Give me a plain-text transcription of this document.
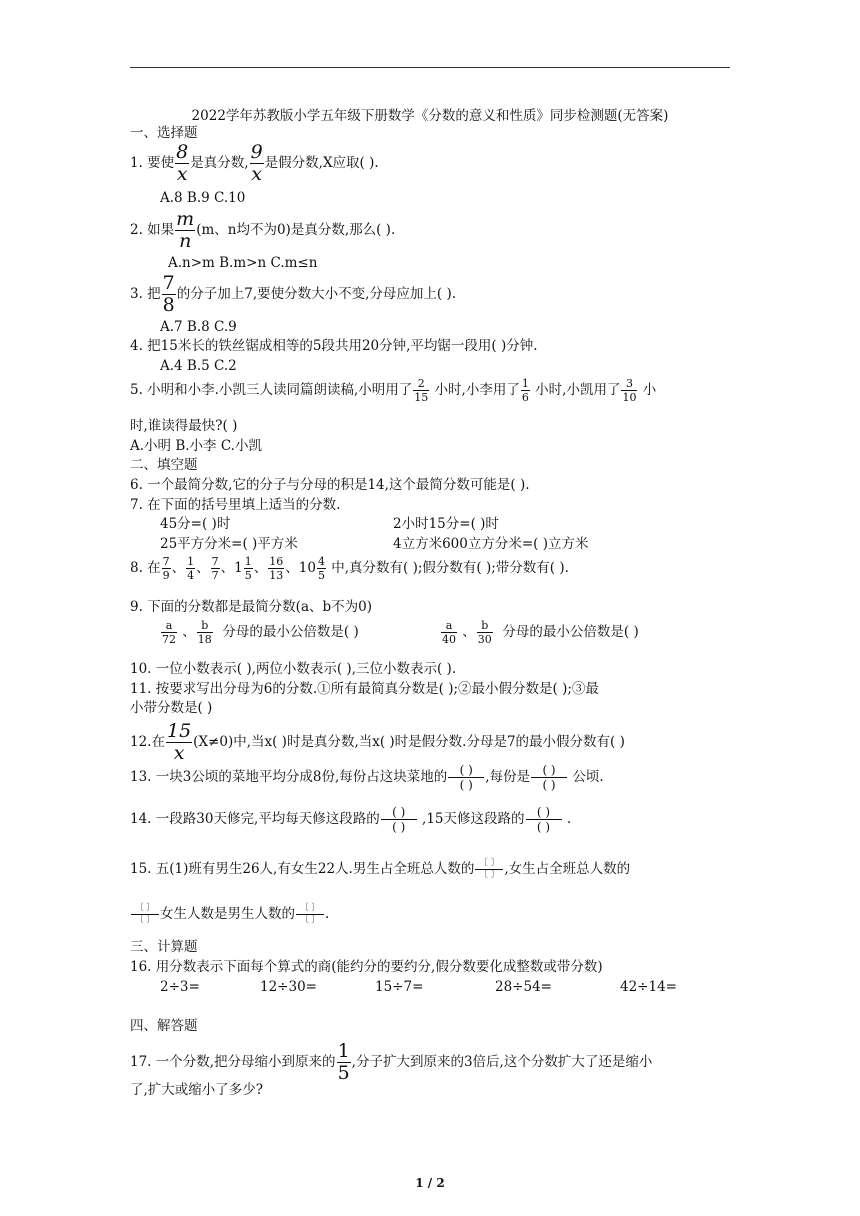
2022学年苏教版小学五年级下册数学《分数的意义和性质》同步检测题(无答案)
一、选择题
1. 要使 $\frac{8}{x}$ 是真分数, $\frac{9}{x}$ 是假分数,X应取( ).
A.8 B.9 C.10
2. 如果 $\frac{m}{n} (m$、n均不为0)是真分数,那么( ).
A.n>m B.m>n C.m≤n
3. 把 $\frac{7}{8}$ 的分子加上7,要使分数大小不变,分母应加上( ).
A.7 B.8 C.9
4. 把15米长的铁丝锯成相等的5段共用20分钟,平均锯一段用( )分钟.
A.4 B.5 C.2
5. 小明和小李.小凯三人读同篇朗读稿,小明用了 $\frac{2}{15}$ 小时,小李用了 $\frac{1}{6}$ 小时,小凯用了 $\frac{3}{10}$ 小
时,谁读得最快?( )
A.小明 B.小李 C.小凯
二、填空题
6. 一个最简分数,它的分子与分母的积是14,这个最简分数可能是( ).
7. 在下面的括号里填上适当的分数.
45分=( )时	2小时15分=( )时
25平方分米=( )平方米	4立方米600立方分米=( )立方米
8. 在 $\frac{7}{9}$ 、 $\frac{1}{4}$ 、 $\frac{7}{7}$ 、$1 \frac{1}{5}$ 、 $\frac{16}{13}$ 、$10 \frac{4}{5}$ 中,真分数有( );假分数有( );带分数有( ).
9. 下面的分数都是最简分数(a、b不为0)
$\frac{a}{72}$ 、 $\frac{b}{18}$ 分母的最小公倍数是( )	$\frac{a}{40}$ 、 $\frac{b}{30}$ 分母的最小公倍数是( )
10. 一位小数表示( ),两位小数表示( ),三位小数表示( ).
11. 按要求写出分母为6的分数.①所有最简真分数是( );②最小假分数是( );③最
小带分数是( )
12.在 $\frac{15}{x} (X\ne 0)$中,当x( )时是真分数,当x( )时是假分数.分母是7的最小假分数有( )
13. 一块3公顷的菜地平均分成8份,每份占这块菜地的	( )
( ) ,每份是	( )
( )	公顷.
14. 一段路30天修完,平均每天修这段路的	( )
( )	,15天修这段路的	( )
( )	.
15. 五(1)班有男生26人,有女生22人.男生占全班总人数的 〔 〕
〔 〕 ,女生占全班总人数的
〔 〕
〔 〕 女生人数是男生人数的 〔 〕
〔 〕 .
三、计算题
16. 用分数表示下面每个算式的商(能约分的要约分,假分数要化成整数或带分数)
2÷3=	12÷30=	15÷7=	28÷54=	42÷14=
四、解答题
17. 一个分数,把分母缩小到原来的 $\frac{1}{5}$ ,分子扩大到原来的3倍后,这个分数扩大了还是缩小
了,扩大或缩小了多少?
1 / 2
